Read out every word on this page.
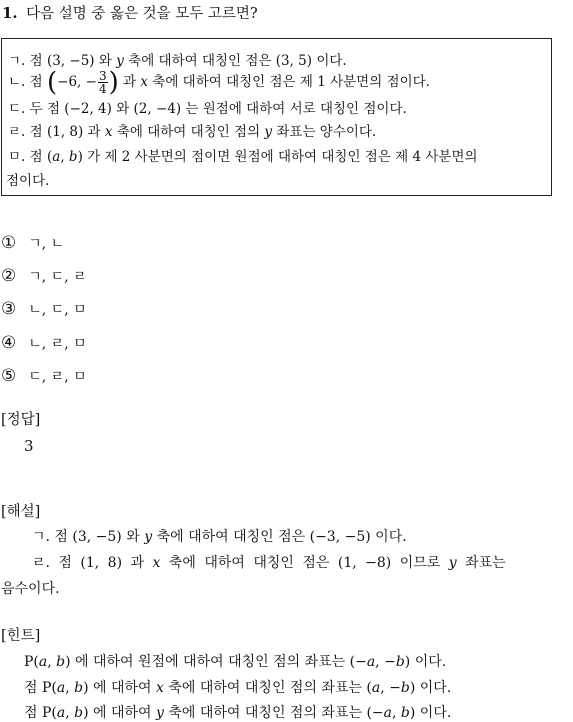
1. 다음 설명 중 옳은 것을 모두 고르면?
ㄱ. 점 (3, −5) 와 y 축에 대하여 대칭인 점은 (3, 5) 이다.
ㄴ. 점 (−6, − $\frac{3}{4}$ ) 과 x 축에 대하여 대칭인 점은 제 1 사분면의 점이다.
ㄷ. 두 점 (−2, 4) 와 (2, −4) 는 원점에 대하여 서로 대칭인 점이다.
ㄹ. 점 (1, 8) 과 x 축에 대하여 대칭인 점의 y 좌표는 양수이다.
ㅁ. 점 (a, b) 가 제 2 사분면의 점이면 원점에 대하여 대칭인 점은 제 4 사분면의
점이다.
① ㄱ, ㄴ
② ㄱ, ㄷ, ㄹ
③ ㄴ, ㄷ, ㅁ
④ ㄴ, ㄹ, ㅁ
⑤ ㄷ, ㄹ, ㅁ
[정답]
3
[해설]
ㄱ. 점 (3, −5) 와 y 축에 대하여 대칭인 점은 (−3, −5) 이다.
ㄹ. 점 (1, 8) 과 x 축에 대하여 대칭인 점은 (1, −8) 이므로 y 좌표는
음수이다.
[힌트]
P(a, b) 에 대하여 원점에 대하여 대칭인 점의 좌표는 (−a, −b) 이다.
점 P(a, b) 에 대하여 x 축에 대하여 대칭인 점의 좌표는 (a, −b) 이다.
점 P(a, b) 에 대하여 y 축에 대하여 대칭인 점의 좌표는 (−a, b) 이다.
